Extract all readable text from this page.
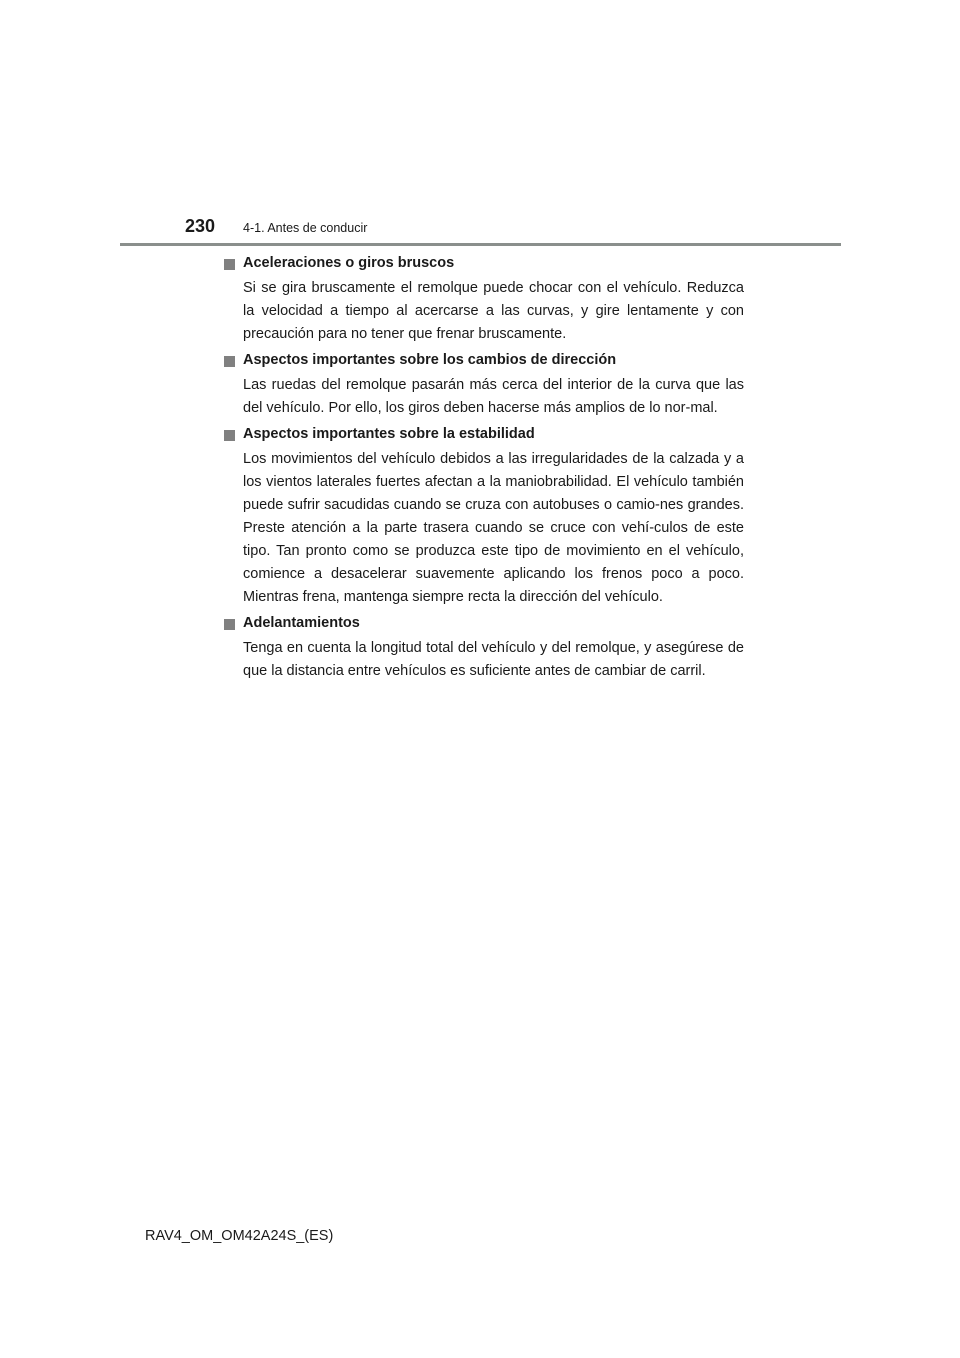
230 4-1. Antes de conducir
Aceleraciones o giros bruscos

Si se gira bruscamente el remolque puede chocar con el vehículo. Reduzca la velocidad a tiempo al acercarse a las curvas, y gire lentamente y con precaución para no tener que frenar bruscamente.

Aspectos importantes sobre los cambios de dirección

Las ruedas del remolque pasarán más cerca del interior de la curva que las del vehículo. Por ello, los giros deben hacerse más amplios de lo nor-mal.

Aspectos importantes sobre la estabilidad

Los movimientos del vehículo debidos a las irregularidades de la calzada y a los vientos laterales fuertes afectan a la maniobrabilidad. El vehículo también puede sufrir sacudidas cuando se cruza con autobuses o camio-nes grandes. Preste atención a la parte trasera cuando se cruce con vehí-culos de este tipo. Tan pronto como se produzca este tipo de movimiento en el vehículo, comience a desacelerar suavemente aplicando los frenos poco a poco. Mientras frena, mantenga siempre recta la dirección del vehículo.

Adelantamientos

Tenga en cuenta la longitud total del vehículo y del remolque, y asegúrese de que la distancia entre vehículos es suficiente antes de cambiar de carril.

RAV4_OM_OM42A24S_(ES)
